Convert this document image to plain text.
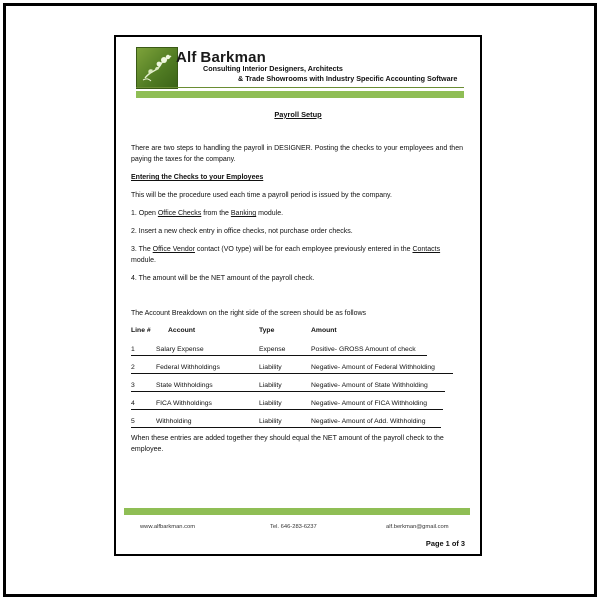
Alf Barkman
Consulting Interior Designers, Architects
& Trade Showrooms with Industry Specific Accounting Software
Payroll Setup
There are two steps to handling the payroll in DESIGNER. Posting the checks to your employees and then paying the taxes for the company.
Entering the Checks to your Employees
This will be the procedure used each time a payroll period is issued by the company.
1. Open Office Checks from the Banking module.
2. Insert a new check entry in office checks, not purchase order checks.
3. The Office Vendor contact (VO type) will be for each employee previously entered in the Contacts module.
4. The amount will be the NET amount of the payroll check.
The Account Breakdown on the right side of the screen should be as follows
Line #	Account	Type	Amount
1	Salary Expense	Expense	Positive- GROSS Amount of check
2	Federal Withholdings	Liability	Negative- Amount of Federal Withholding
3	State Withholdings	Liability	Negative- Amount of State Withholding
4	FICA Withholdings	Liability	Negative- Amount of FICA Withholding
5	Withholding	Liability	Negative- Amount of Add. Withholding
When these entries are added together they should equal the NET amount of the payroll check to the employee.
www.alfbarkman.com	Tel. 646-283-6237	alf.berkman@gmail.com
Page 1 of 3
